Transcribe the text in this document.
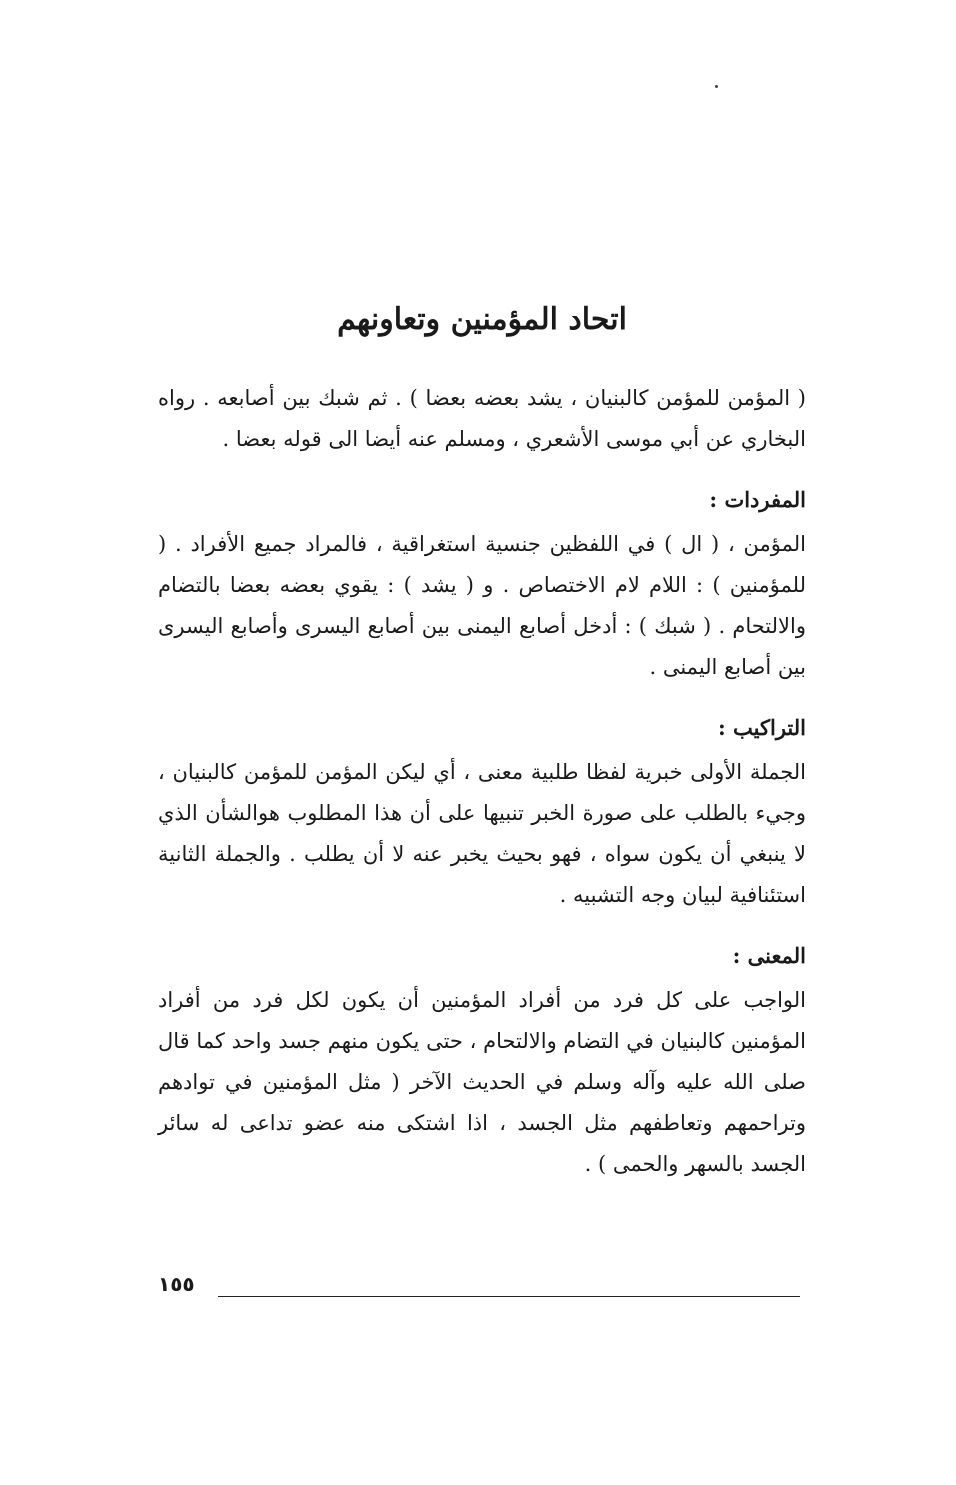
اتحاد المؤمنين وتعاونهم

( المؤمن للمؤمن كالبنيان ، يشد بعضه بعضا ) . ثم شبك بين أصابعه . رواه البخاري عن أبي موسى الأشعري ، ومسلم عنه أيضا الى قوله بعضا .

المفردات :

المؤمن ، ( ال ) في اللفظين جنسية استغراقية ، فالمراد جميع الأفراد . ( للمؤمنين ) : اللام لام الاختصاص . و ( يشد ) : يقوي بعضه بعضا بالتضام والالتحام . ( شبك ) : أدخل أصابع اليمنى بين أصابع اليسرى وأصابع اليسرى بين أصابع اليمنى .

التراكيب :

الجملة الأولى خبرية لفظا طلبية معنى ، أي ليكن المؤمن للمؤمن كالبنيان ، وجيء بالطلب على صورة الخبر تنبيها على أن هذا المطلوب هوالشأن الذي لا ينبغي أن يكون سواه ، فهو بحيث يخبر عنه لا أن يطلب . والجملة الثانية استئنافية لبيان وجه التشبيه .

المعنى :

الواجب على كل فرد من أفراد المؤمنين أن يكون لكل فرد من أفراد المؤمنين كالبنيان في التضام والالتحام ، حتى يكون منهم جسد واحد كما قال صلى الله عليه وآله وسلم في الحديث الآخر ( مثل المؤمنين في توادهم وتراحمهم وتعاطفهم مثل الجسد ، اذا اشتكى منه عضو تداعى له سائر الجسد بالسهر والحمى ) .

١٥٥
